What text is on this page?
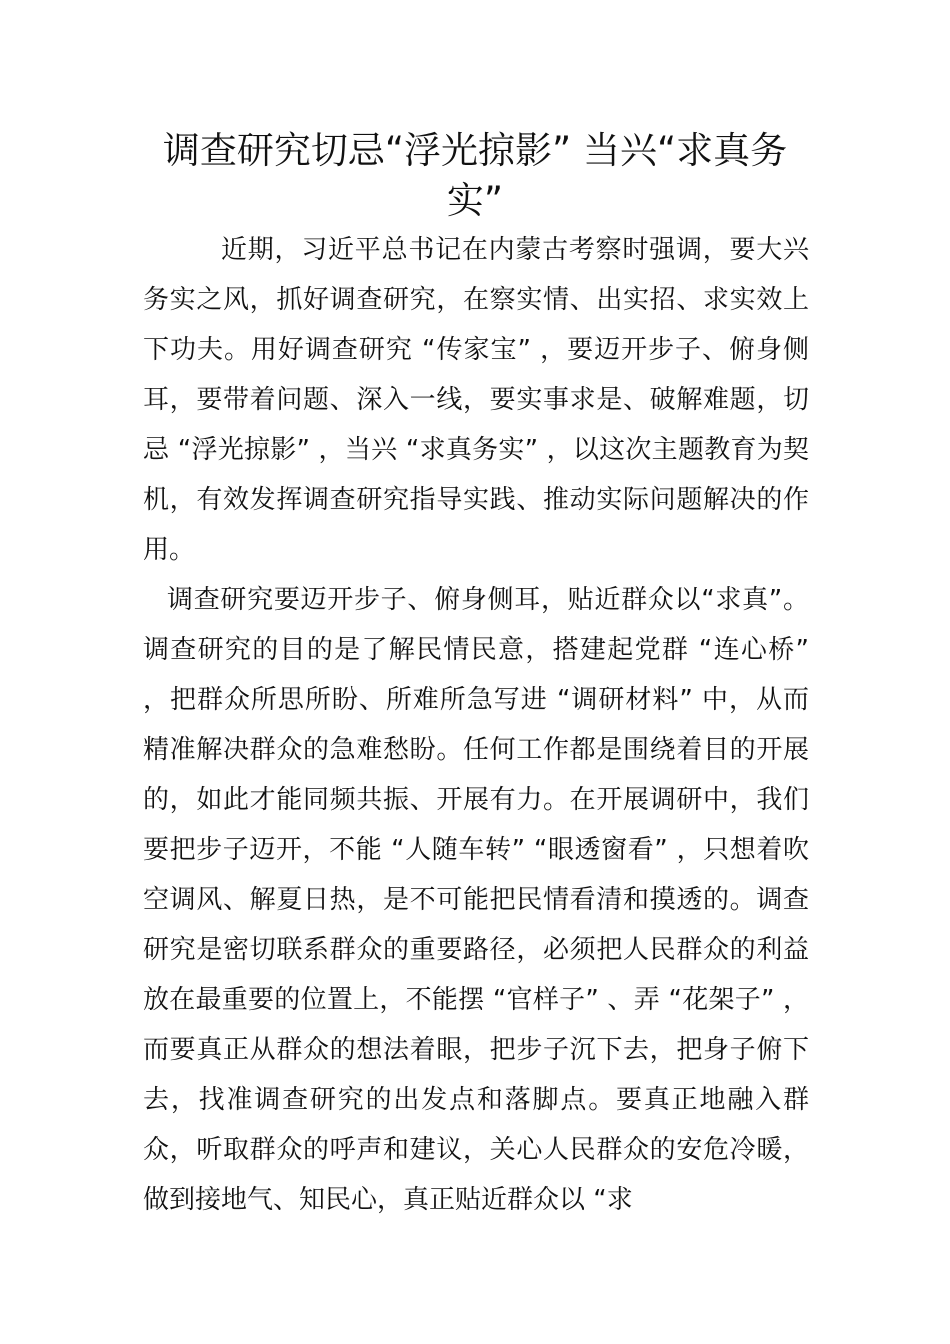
调查研究切忌“浮光掠影” 当兴“求真务实”

近期，习近平总书记在内蒙古考察时强调，要大兴务实之风，抓好调查研究，在察实情、出实招、求实效上下功夫。用好调查研究 “传家宝” ，要迈开步子、俯身侧耳，要带着问题、深入一线，要实事求是、破解难题，切忌 “浮光掠影” ，当兴 “求真务实” ，以这次主题教育为契机，有效发挥调查研究指导实践、推动实际问题解决的作用。

调查研究要迈开步子、俯身侧耳，贴近群众以“求真”。调查研究的目的是了解民情民意，搭建起党群 “连心桥” ，把群众所思所盼、所难所急写进 “调研材料” 中，从而精准解决群众的急难愁盼。任何工作都是围绕着目的开展的，如此才能同频共振、开展有力。在开展调研中，我们要把步子迈开，不能 “人随车转” “眼透窗看” ，只想着吹空调风、解夏日热，是不可能把民情看清和摸透的。调查研究是密切联系群众的重要路径，必须把人民群众的利益放在最重要的位置上，不能摆 “官样子” 、弄 “花架子” ，而要真正从群众的想法着眼，把步子沉下去，把身子俯下去，找准调查研究的出发点和落脚点。要真正地融入群众，听取群众的呼声和建议，关心人民群众的安危冷暖，做到接地气、知民心，真正贴近群众以 “求
